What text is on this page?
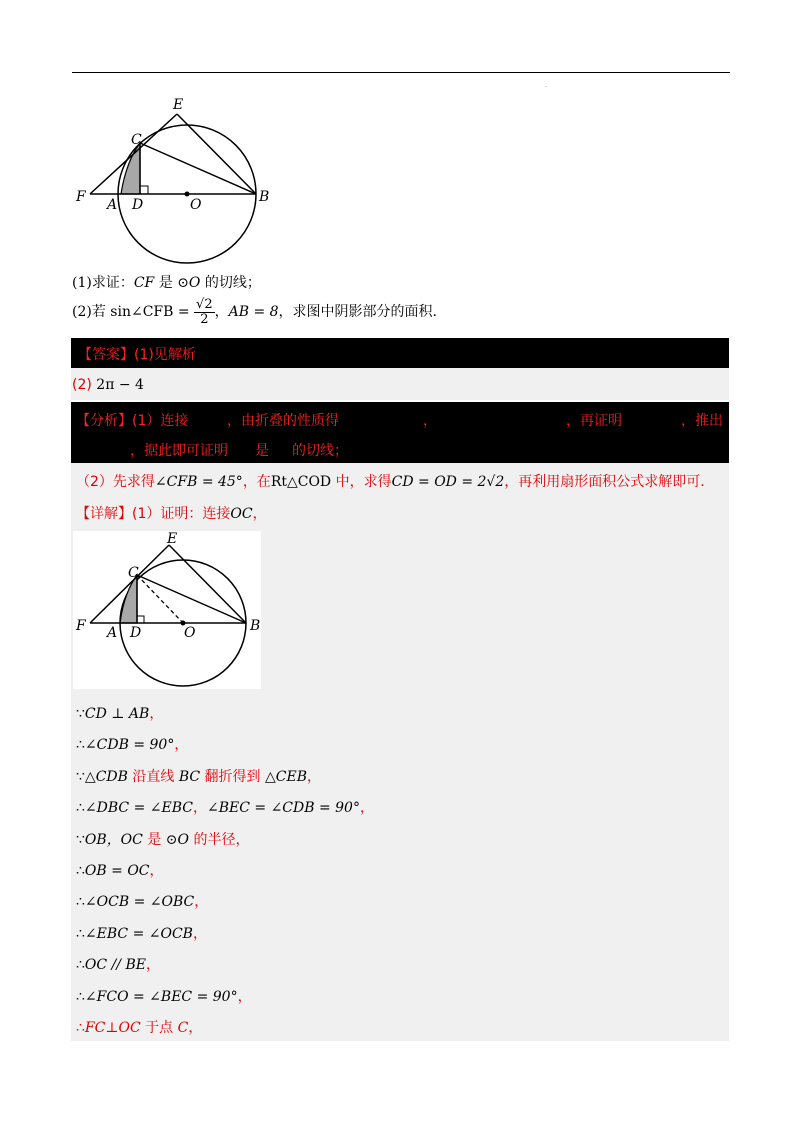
.
E
C
F A D	O	B
(1)求证：CF 是 ⊙O 的切线；
(2)若 sin∠CFB = $\frac{√2}{2}$ ，AB = 8，求图中阴影部分的面积.
【答案】(1)见解析
(2) 2π − 4
【分析】(1）连接	，由折叠的性质得	，	，再证明	，推出
，据此即可证明 是 的切线；
（2）先求得∠CFB = 45°，在Rt△COD 中，求得CD = OD = 2√2，再利用扇形面积公式求解即可.
【详解】(1）证明：连接OC，
E
C
F A D	O	B
∵CD ⊥ AB，
∴∠CDB = 90°，
∵△CDB 沿直线 BC 翻折得到 △CEB，
∴∠DBC = ∠EBC，∠BEC = ∠CDB = 90°，
∵OB，OC 是 ⊙O 的半径，
∴OB = OC，
∴∠OCB = ∠OBC，
∴∠EBC = ∠OCB，
∴OC // BE，
∴∠FCO = ∠BEC = 90°，
∴FC⊥OC 于点 C，
